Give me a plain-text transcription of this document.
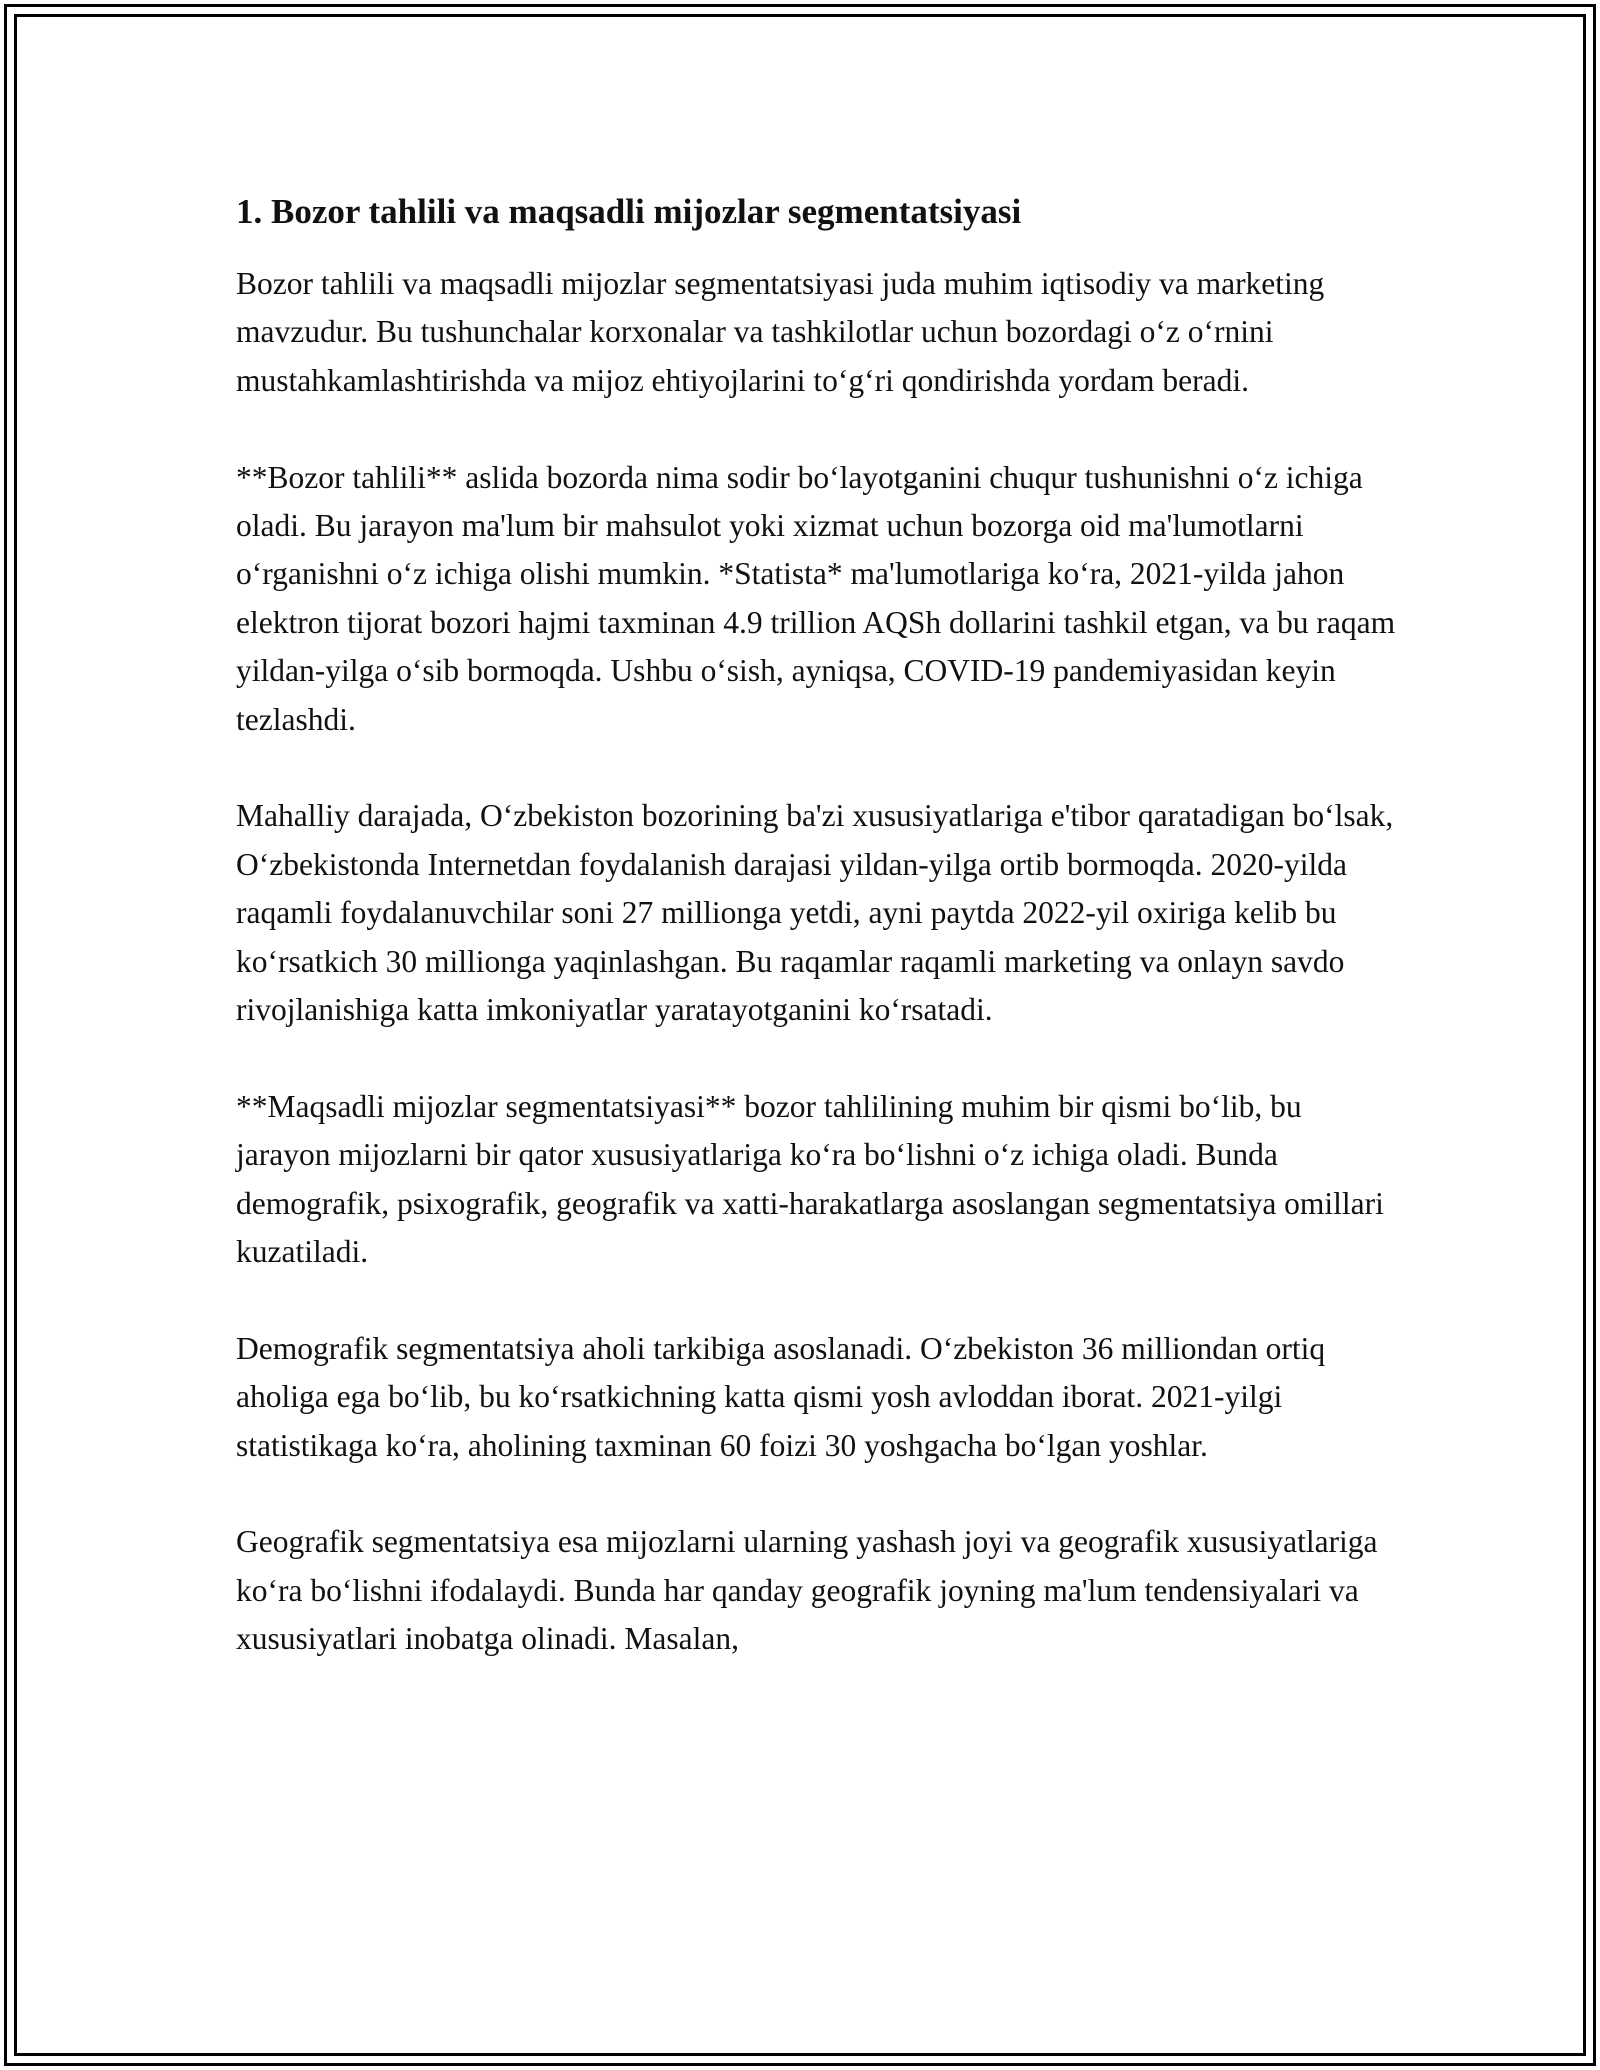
1. Bozor tahlili va maqsadli mijozlar segmentatsiyasi

Bozor tahlili va maqsadli mijozlar segmentatsiyasi juda muhim iqtisodiy va marketing mavzudur. Bu tushunchalar korxonalar va tashkilotlar uchun bozordagi o‘z o‘rnini mustahkamlashtirishda va mijoz ehtiyojlarini to‘g‘ri qondirishda yordam beradi.

**Bozor tahlili** aslida bozorda nima sodir bo‘layotganini chuqur tushunishni o‘z ichiga oladi. Bu jarayon ma'lum bir mahsulot yoki xizmat uchun bozorga oid ma'lumotlarni o‘rganishni o‘z ichiga olishi mumkin. *Statista* ma'lumotlariga ko‘ra, 2021-yilda jahon elektron tijorat bozori hajmi taxminan 4.9 trillion AQSh dollarini tashkil etgan, va bu raqam yildan-yilga o‘sib bormoqda. Ushbu o‘sish, ayniqsa, COVID-19 pandemiyasidan keyin tezlashdi.

Mahalliy darajada, O‘zbekiston bozorining ba'zi xususiyatlariga e'tibor qaratadigan bo‘lsak, O‘zbekistonda Internetdan foydalanish darajasi yildan-yilga ortib bormoqda. 2020-yilda raqamli foydalanuvchilar soni 27 millionga yetdi, ayni paytda 2022-yil oxiriga kelib bu ko‘rsatkich 30 millionga yaqinlashgan. Bu raqamlar raqamli marketing va onlayn savdo rivojlanishiga katta imkoniyatlar yaratayotganini ko‘rsatadi.

**Maqsadli mijozlar segmentatsiyasi** bozor tahlilining muhim bir qismi bo‘lib, bu jarayon mijozlarni bir qator xususiyatlariga ko‘ra bo‘lishni o‘z ichiga oladi. Bunda demografik, psixografik, geografik va xatti-harakatlarga asoslangan segmentatsiya omillari kuzatiladi.

Demografik segmentatsiya aholi tarkibiga asoslanadi. O‘zbekiston 36 milliondan ortiq aholiga ega bo‘lib, bu ko‘rsatkichning katta qismi yosh avloddan iborat. 2021-yilgi statistikaga ko‘ra, aholining taxminan 60 foizi 30 yoshgacha bo‘lgan yoshlar.

Geografik segmentatsiya esa mijozlarni ularning yashash joyi va geografik xususiyatlariga ko‘ra bo‘lishni ifodalaydi. Bunda har qanday geografik joyning ma'lum tendensiyalari va xususiyatlari inobatga olinadi. Masalan,
